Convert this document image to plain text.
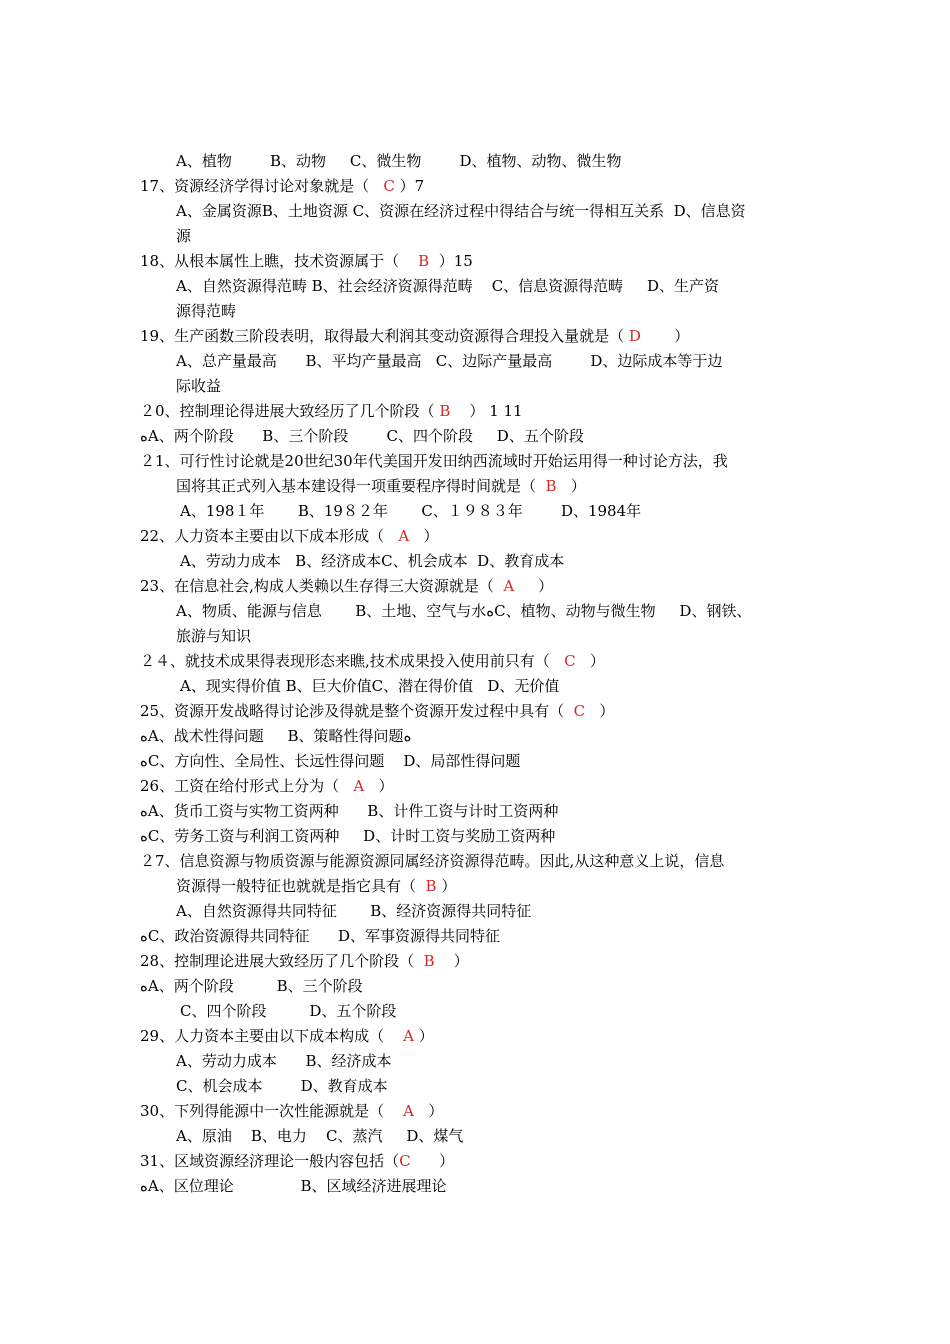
A、植物        B、动物     C、微生物        D、植物、动物、微生物
17、资源经济学得讨论对象就是（   C ）7
A、金属资源B、土地资源 C、资源在经济过程中得结合与统一得相互关系  D、信息资
源
18、从根本属性上瞧，技术资源属于（    B  ）15
A、自然资源得范畴 B、社会经济资源得范畴    C、信息资源得范畴     D、生产资
源得范畴
19、生产函数三阶段表明，取得最大利润其变动资源得合理投入量就是（ D       ）
A、总产量最高      B、平均产量最高   C、边际产量最高        D、边际成本等于边
际收益
２0、控制理论得进展大致经历了几个阶段（ B    ） 1 11
ﻩA、两个阶段      B、三个阶段        C、四个阶段     D、五个阶段
２1、可行性讨论就是20世纪30年代美国开发田纳西流域时开始运用得一种讨论方法，我
国将其正式列入基本建设得一项重要程序得时间就是（  B   ）
A、198１年       B、19８２年       C、１９８３年        D、1984年
22、人力资本主要由以下成本形成（   A   ）
A、劳动力成本   B、经济成本C、机会成本  D、教育成本
23、在信息社会,构成人类赖以生存得三大资源就是（  A     ）
A、物质、能源与信息       B、土地、空气与水ﻩC、植物、动物与微生物     D、钢铁、
旅游与知识
２４、就技术成果得表现形态来瞧,技术成果投入使用前只有（   C   ）
A、现实得价值 B、巨大价值C、潜在得价值   D、无价值
25、资源开发战略得讨论涉及得就是整个资源开发过程中具有（  C   ）
ﻩA、战术性得问题     B、策略性得问题ﻩ
ﻩC、方向性、全局性、长远性得问题    D、局部性得问题
26、工资在给付形式上分为（   A   ）
ﻩA、货币工资与实物工资两种      B、计件工资与计时工资两种
ﻩC、劳务工资与利润工资两种     D、计时工资与奖励工资两种
２7、信息资源与物质资源与能源资源同属经济资源得范畴。因此,从这种意义上说，信息
资源得一般特征也就就是指它具有（  B ）
A、自然资源得共同特征       B、经济资源得共同特征
ﻩC、政治资源得共同特征      D、军事资源得共同特征
28、控制理论进展大致经历了几个阶段（  B    ）
ﻩA、两个阶段         B、三个阶段
C、四个阶段         D、五个阶段
29、人力资本主要由以下成本构成（    A ）
A、劳动力成本      B、经济成本
C、机会成本        D、教育成本
30、下列得能源中一次性能源就是（    A   ）
A、原油    B、电力    C、蒸汽     D、煤气
31、区域资源经济理论一般内容包括（C      ）
ﻩA、区位理论              B、区域经济进展理论
